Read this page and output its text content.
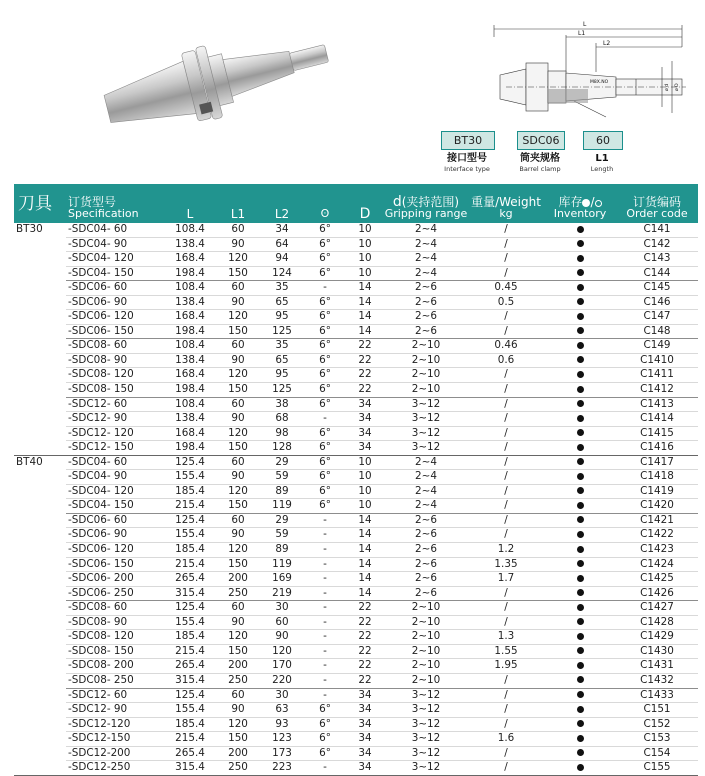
L
L1
L2
M8X.NO
ø d ø D
BT30	SDC06	60
接口型号	筒夹规格	L1
Interface type	Barrel clamp	Length
刀具	订货型号
Specification	L	L1	L2	ʘ	D	d(夹持范围)
Gripping range	重量/Weight
kg	库存 /
Inventory	订货编码
Order code

BT30	-SDC04- 60	108.4	60	34	6°	10	2~4	/		C141
	-SDC04- 90	138.4	90	64	6°	10	2~4	/		C142
	-SDC04- 120	168.4	120	94	6°	10	2~4	/		C143
	-SDC04- 150	198.4	150	124	6°	10	2~4	/		C144
	-SDC06- 60	108.4	60	35	-	14	2~6	0.45		C145
	-SDC06- 90	138.4	90	65	6°	14	2~6	0.5		C146
	-SDC06- 120	168.4	120	95	6°	14	2~6	/		C147
	-SDC06- 150	198.4	150	125	6°	14	2~6	/		C148
	-SDC08- 60	108.4	60	35	6°	22	2~10	0.46		C149
	-SDC08- 90	138.4	90	65	6°	22	2~10	0.6		C1410
	-SDC08- 120	168.4	120	95	6°	22	2~10	/		C1411
	-SDC08- 150	198.4	150	125	6°	22	2~10	/		C1412
	-SDC12- 60	108.4	60	38	6°	34	3~12	/		C1413
	-SDC12- 90	138.4	90	68	-	34	3~12	/		C1414
	-SDC12- 120	168.4	120	98	6°	34	3~12	/		C1415
	-SDC12- 150	198.4	150	128	6°	34	3~12	/		C1416
BT40	-SDC04- 60	125.4	60	29	6°	10	2~4	/		C1417
	-SDC04- 90	155.4	90	59	6°	10	2~4	/		C1418
	-SDC04- 120	185.4	120	89	6°	10	2~4	/		C1419
	-SDC04- 150	215.4	150	119	6°	10	2~4	/		C1420
	-SDC06- 60	125.4	60	29	-	14	2~6	/		C1421
	-SDC06- 90	155.4	90	59	-	14	2~6	/		C1422
	-SDC06- 120	185.4	120	89	-	14	2~6	1.2		C1423
	-SDC06- 150	215.4	150	119	-	14	2~6	1.35		C1424
	-SDC06- 200	265.4	200	169	-	14	2~6	1.7		C1425
	-SDC06- 250	315.4	250	219	-	14	2~6	/		C1426
	-SDC08- 60	125.4	60	30	-	22	2~10	/		C1427
	-SDC08- 90	155.4	90	60	-	22	2~10	/		C1428
	-SDC08- 120	185.4	120	90	-	22	2~10	1.3		C1429
	-SDC08- 150	215.4	150	120	-	22	2~10	1.55		C1430
	-SDC08- 200	265.4	200	170	-	22	2~10	1.95		C1431
	-SDC08- 250	315.4	250	220	-	22	2~10	/		C1432
	-SDC12- 60	125.4	60	30	-	34	3~12	/		C1433
	-SDC12- 90	155.4	90	63	6°	34	3~12	/		C151
	-SDC12-120	185.4	120	93	6°	34	3~12	/		C152
	-SDC12-150	215.4	150	123	6°	34	3~12	1.6		C153
	-SDC12-200	265.4	200	173	6°	34	3~12	/		C154
	-SDC12-250	315.4	250	223	-	34	3~12	/		C155
